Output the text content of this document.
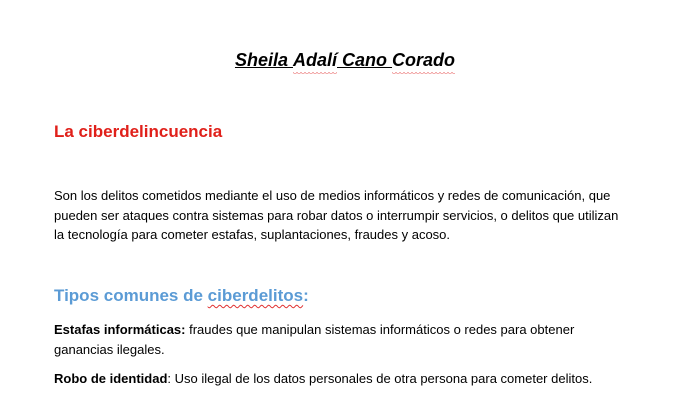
Sheila Adalí Cano Corado
La ciberdelincuencia
Son los delitos cometidos mediante el uso de medios informáticos y redes de comunicación, que
pueden ser ataques contra sistemas para robar datos o interrumpir servicios, o delitos que utilizan
la tecnología para cometer estafas, suplantaciones, fraudes y acoso.
Tipos comunes de ciberdelitos:
Estafas informáticas: fraudes que manipulan sistemas informáticos o redes para obtener
ganancias ilegales.
Robo de identidad: Uso ilegal de los datos personales de otra persona para cometer delitos.
